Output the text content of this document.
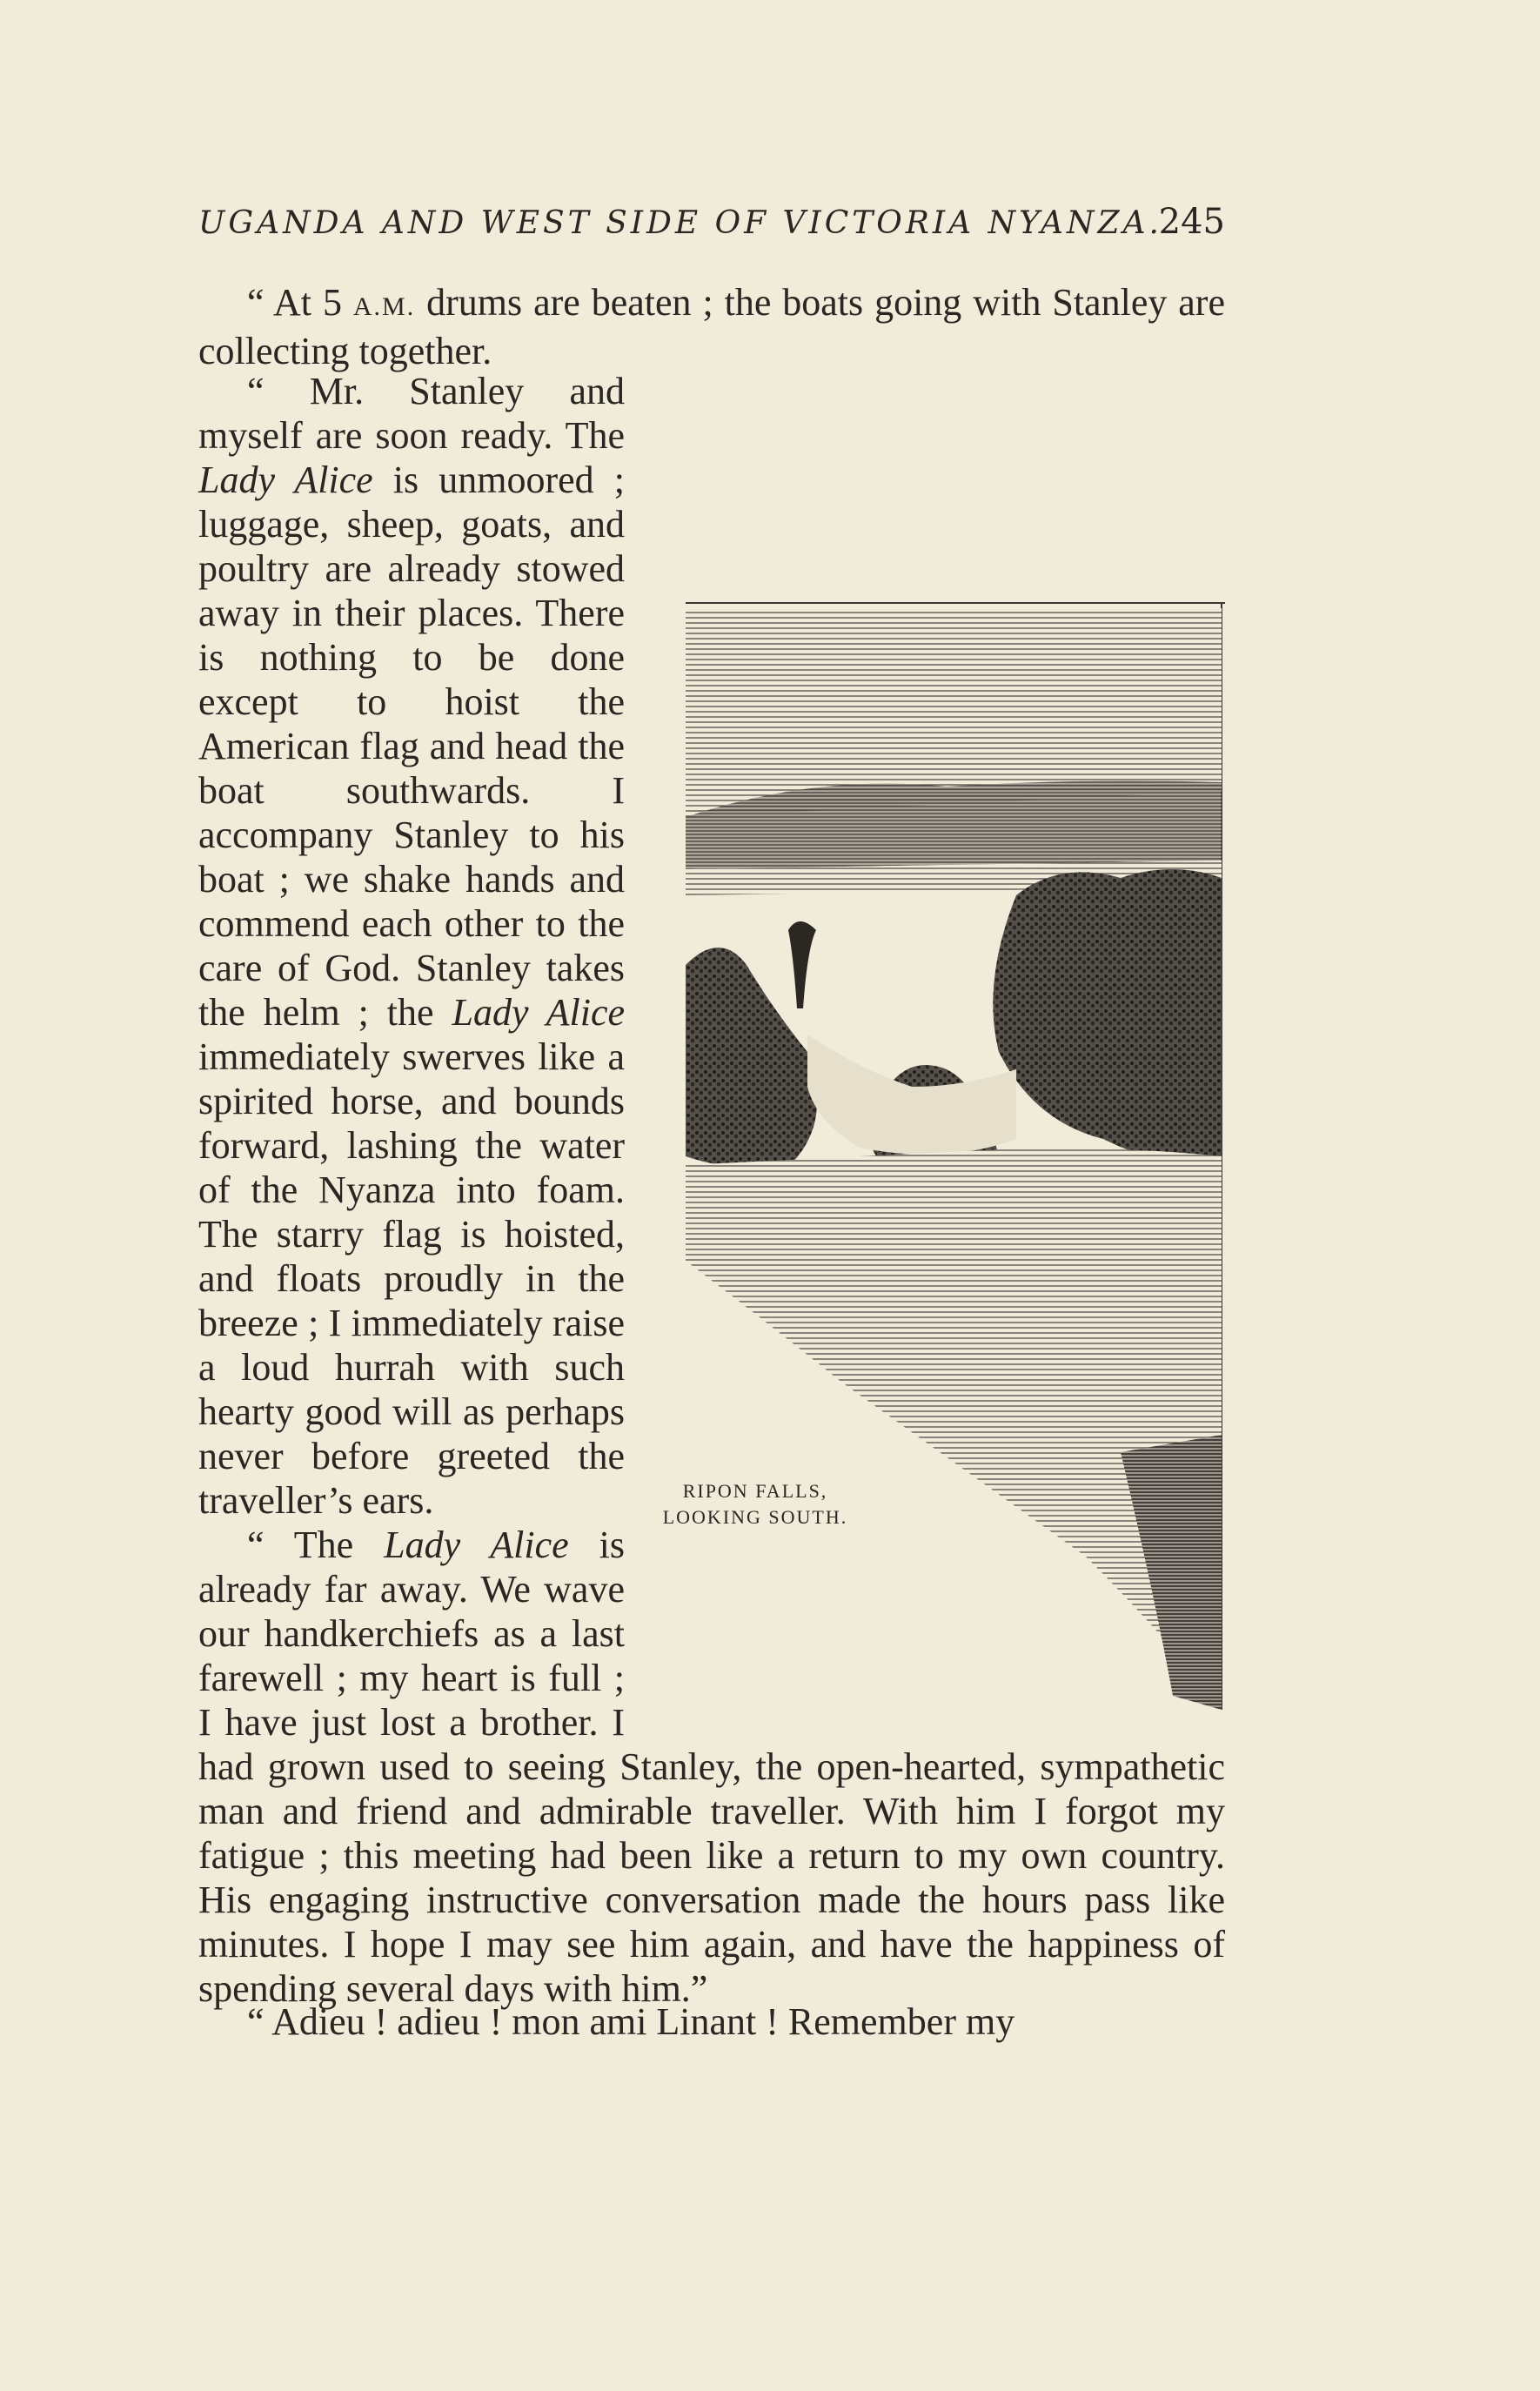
UGANDA AND WEST SIDE OF VICTORIA NYANZA.
245

“ At 5 A.M. drums are beaten ; the boats going with Stanley are collecting together.

RIPON FALLS,
LOOKING SOUTH.

“ Mr. Stanley and myself are soon ready. The Lady Alice is unmoored ; luggage, sheep, goats, and poultry are already stowed away in their places. There is nothing to be done except to hoist the American flag and head the boat southwards. I accompany Stanley to his boat ; we shake hands and commend each other to the care of God. Stanley takes the helm ; the Lady Alice immediately swerves like a spirited horse, and bounds forward, lashing the water of the Nyanza into foam. The starry flag is hoisted, and floats proudly in the breeze ; I immediately raise a loud hurrah with such hearty good will as perhaps never before greeted the traveller’s ears.

“ The Lady Alice is already far away. We wave our handkerchiefs as a last farewell ; my heart is full ; I have just lost a brother. I had grown used to seeing Stanley, the open-hearted, sympathetic man and friend and admirable traveller. With him I forgot my fatigue ; this meeting had been like a return to my own country. His engaging instructive conversation made the hours pass like minutes. I hope I may see him again, and have the happiness of spending several days with him.”

“ Adieu ! adieu ! mon ami Linant ! Remember my
